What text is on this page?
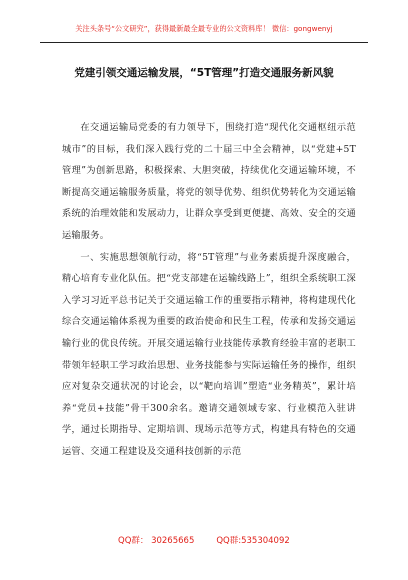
关注头条号“公文研究”，获得最新最全最专业的公文资料库！ 微信：gongwenyj
党建引领交通运输发展，“5T管理”打造交通服务新风貌

在交通运输局党委的有力领导下，围绕打造“现代化交通枢纽示范城市”的目标，我们深入践行党的二十届三中全会精神，以“党建+5T管理”为创新思路，积极探索、大胆突破，持续优化交通运输环境，不断提高交通运输服务质量，将党的领导优势、组织优势转化为交通运输系统的治理效能和发展动力，让群众享受到更便捷、高效、安全的交通运输服务。

一、实施思想领航行动，将“5T管理”与业务素质提升深度融合，精心培育专业化队伍。把“党支部建在运输线路上”，组织全系统职工深入学习习近平总书记关于交通运输工作的重要指示精神，将构建现代化综合交通运输体系视为重要的政治使命和民生工程，传承和发扬交通运输行业的优良传统。开展交通运输行业技能传承教育经验丰富的老职工带领年轻职工学习政治思想、业务技能参与实际运输任务的操作，组织应对复杂交通状况的讨论会，以“靶向培训”塑造“业务精英”，累计培养“党员+技能”骨干300余名。邀请交通领域专家、行业模范入驻讲学，通过长期指导、定期培训、现场示范等方式，构建具有特色的交通运管、交通工程建设及交通科技创新的示范

QQ群： 30265665	QQ群:535304092
